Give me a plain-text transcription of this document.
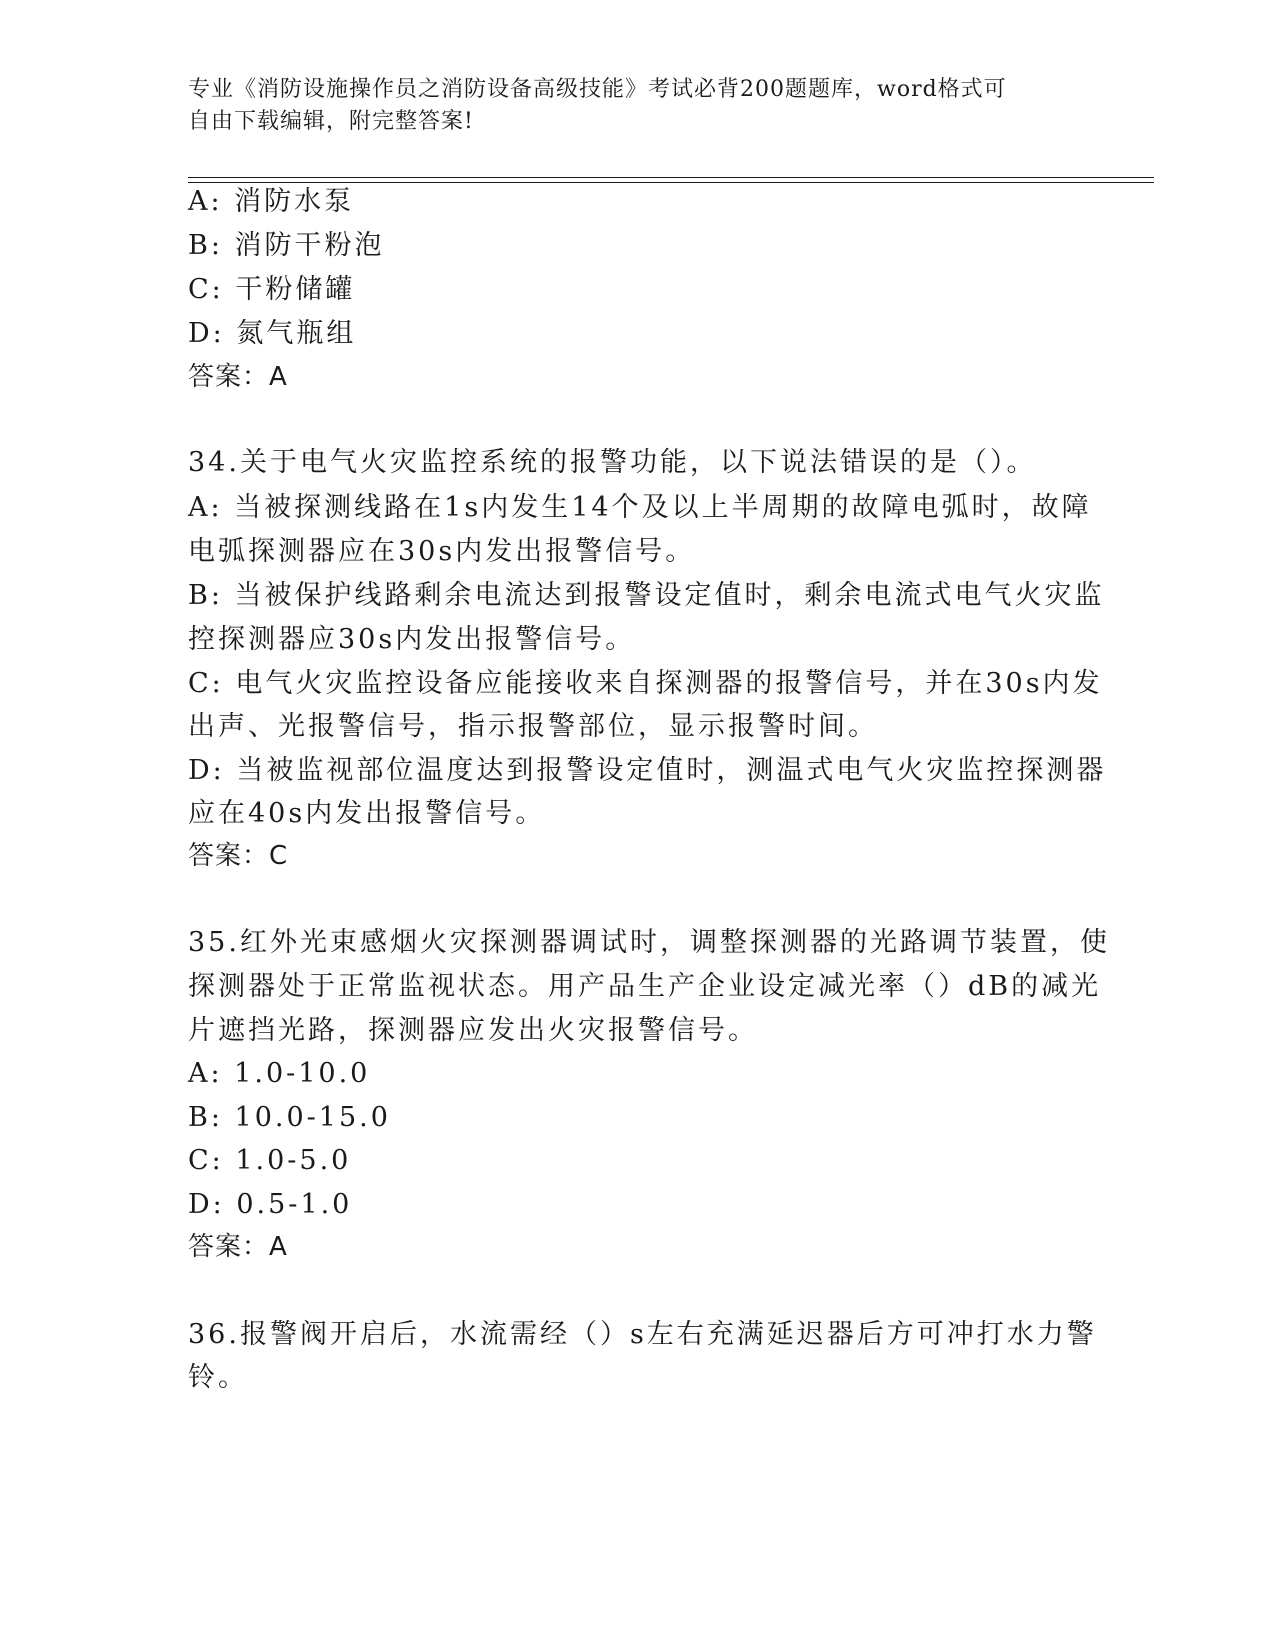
专业《消防设施操作员之消防设备高级技能》考试必背200题题库，word格式可
自由下载编辑，附完整答案!
A: 消防水泵
B: 消防干粉泡
C: 干粉储罐
D: 氮气瓶组
答案：A
34.关于电气火灾监控系统的报警功能，以下说法错误的是（）。
A: 当被探测线路在1s内发生14个及以上半周期的故障电弧时，故障
电弧探测器应在30s内发出报警信号。
B: 当被保护线路剩余电流达到报警设定值时，剩余电流式电气火灾监
控探测器应30s内发出报警信号。
C: 电气火灾监控设备应能接收来自探测器的报警信号，并在30s内发
出声、光报警信号，指示报警部位，显示报警时间。
D: 当被监视部位温度达到报警设定值时，测温式电气火灾监控探测器
应在40s内发出报警信号。
答案：C
35.红外光束感烟火灾探测器调试时，调整探测器的光路调节装置，使
探测器处于正常监视状态。用产品生产企业设定减光率（）dB的减光
片遮挡光路，探测器应发出火灾报警信号。
A: 1.0-10.0
B: 10.0-15.0
C: 1.0-5.0
D: 0.5-1.0
答案：A
36.报警阀开启后，水流需经（）s左右充满延迟器后方可冲打水力警
铃。
